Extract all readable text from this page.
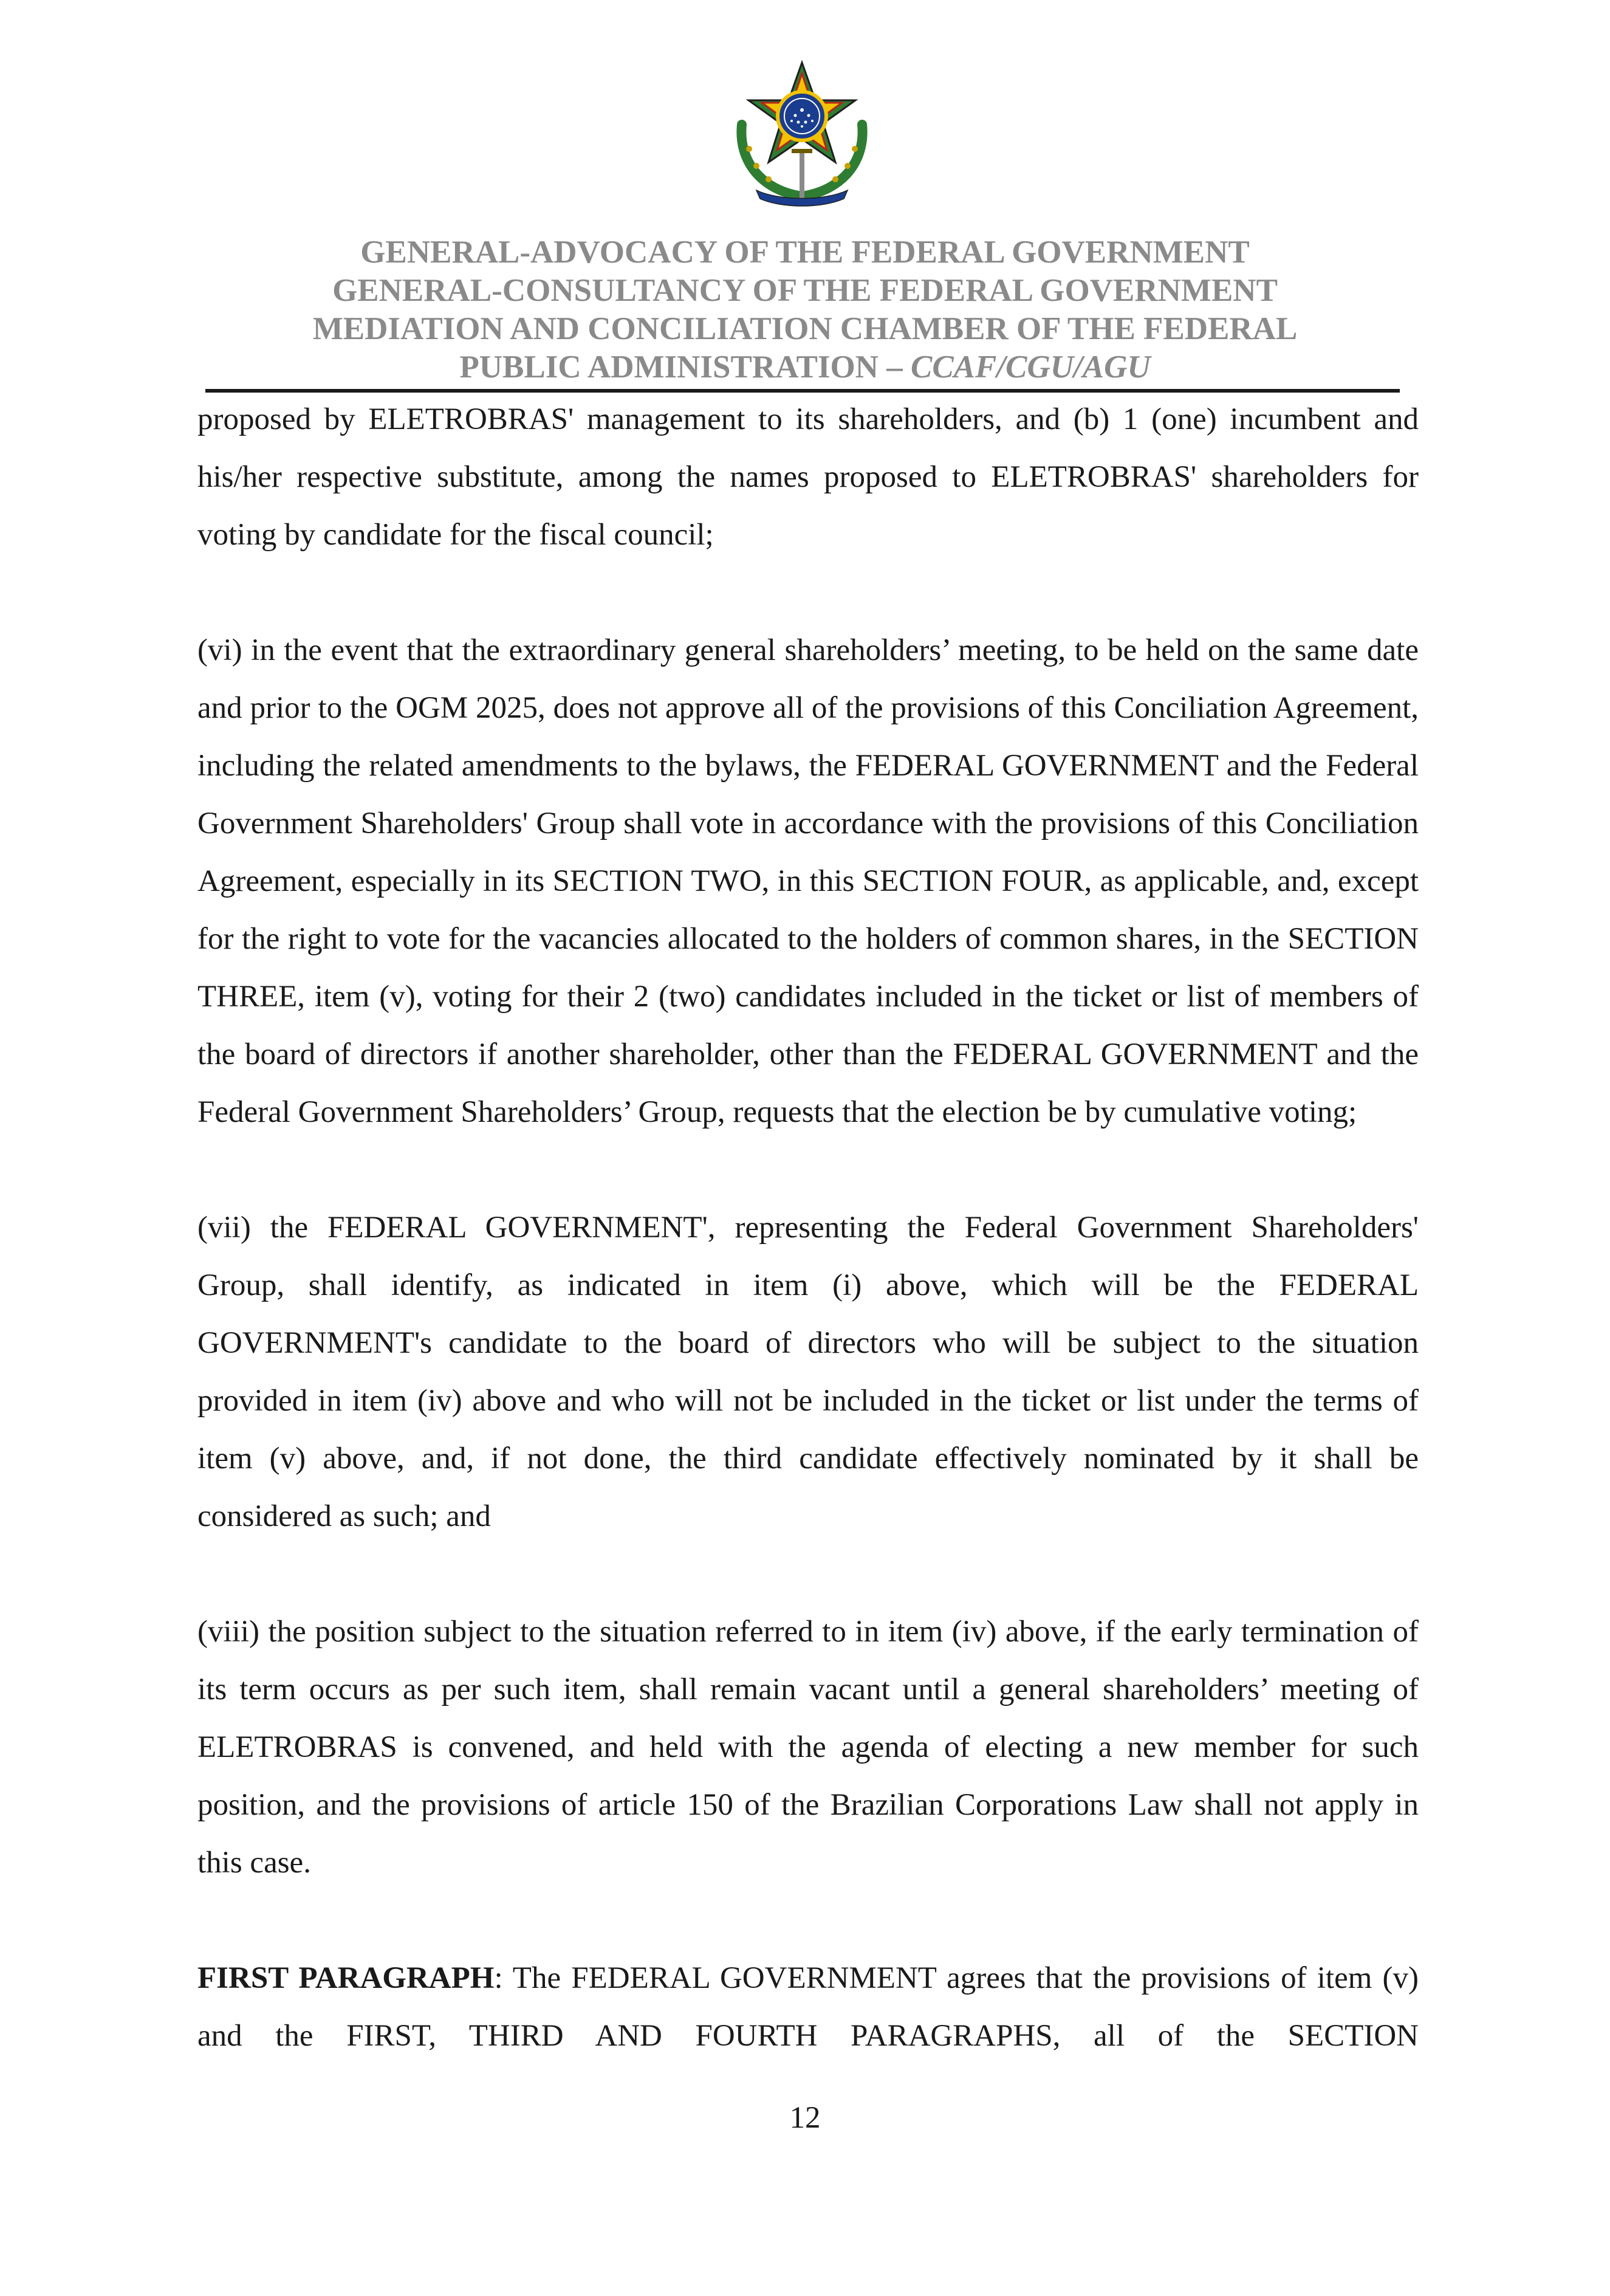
GENERAL-ADVOCACY OF THE FEDERAL GOVERNMENT
GENERAL-CONSULTANCY OF THE FEDERAL GOVERNMENT
MEDIATION AND CONCILIATION CHAMBER OF THE FEDERAL
PUBLIC ADMINISTRATION – CCAF/CGU/AGU

proposed by ELETROBRAS' management to its shareholders, and (b) 1 (one) incumbent and his/her respective substitute, among the names proposed to ELETROBRAS' shareholders for voting by candidate for the fiscal council;

(vi) in the event that the extraordinary general shareholders’ meeting, to be held on the same date and prior to the OGM 2025, does not approve all of the provisions of this Conciliation Agreement, including the related amendments to the bylaws, the FEDERAL GOVERNMENT and the Federal Government Shareholders' Group shall vote in accordance with the provisions of this Conciliation Agreement, especially in its SECTION TWO, in this SECTION FOUR, as applicable, and, except for the right to vote for the vacancies allocated to the holders of common shares, in the SECTION THREE, item (v), voting for their 2 (two) candidates included in the ticket or list of members of the board of directors if another shareholder, other than the FEDERAL GOVERNMENT and the Federal Government Shareholders’ Group, requests that the election be by cumulative voting;

(vii) the FEDERAL GOVERNMENT', representing the Federal Government Shareholders' Group, shall identify, as indicated in item (i) above, which will be the FEDERAL GOVERNMENT's candidate to the board of directors who will be subject to the situation provided in item (iv) above and who will not be included in the ticket or list under the terms of item (v) above, and, if not done, the third candidate effectively nominated by it shall be considered as such; and

(viii) the position subject to the situation referred to in item (iv) above, if the early termination of its term occurs as per such item, shall remain vacant until a general shareholders’ meeting of ELETROBRAS is convened, and held with the agenda of electing a new member for such position, and the provisions of article 150 of the Brazilian Corporations Law shall not apply in this case.

FIRST PARAGRAPH: The FEDERAL GOVERNMENT agrees that the provisions of item (v) and the FIRST, THIRD AND FOURTH PARAGRAPHS, all of the SECTION

12
